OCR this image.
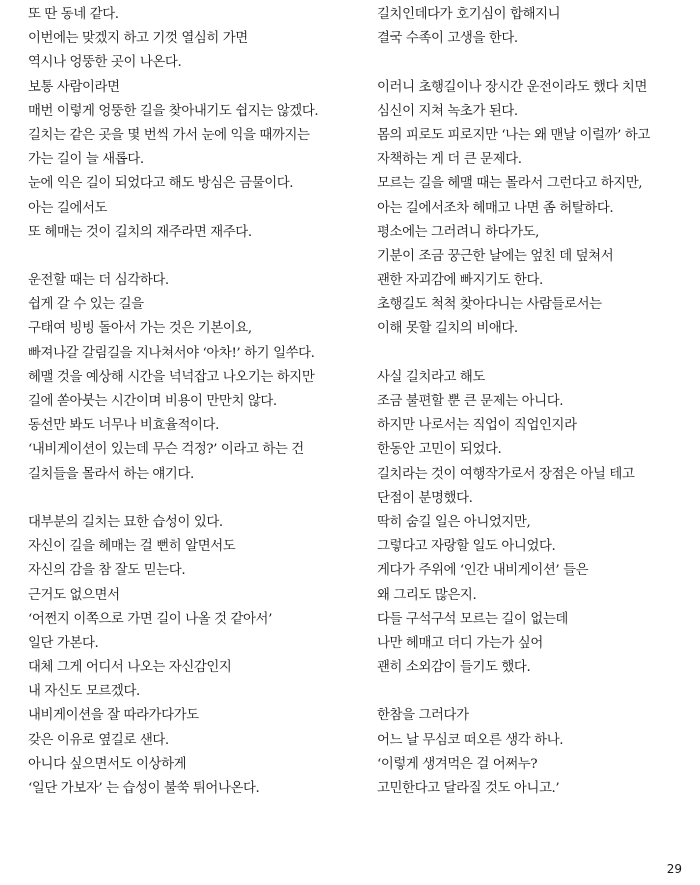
또 딴 동네 같다.
이번에는 맞겠지 하고 기껏 열심히 가면
역시나 엉뚱한 곳이 나온다.
보통 사람이라면
매번 이렇게 엉뚱한 길을 찾아내기도 쉽지는 않겠다.
길치는 같은 곳을 몇 번씩 가서 눈에 익을 때까지는
가는 길이 늘 새롭다.
눈에 익은 길이 되었다고 해도 방심은 금물이다.
아는 길에서도
또 헤매는 것이 길치의 재주라면 재주다.
운전할 때는 더 심각하다.
쉽게 갈 수 있는 길을
구태여 빙빙 돌아서 가는 것은 기본이요,
빠져나갈 갈림길을 지나쳐서야 ‘아차!’ 하기 일쑤다.
헤맬 것을 예상해 시간을 넉넉잡고 나오기는 하지만
길에 쏟아붓는 시간이며 비용이 만만치 않다.
동선만 봐도 너무나 비효율적이다.
‘내비게이션이 있는데 무슨 걱정?’ 이라고 하는 건
길치들을 몰라서 하는 얘기다.
대부분의 길치는 묘한 습성이 있다.
자신이 길을 헤매는 걸 뻔히 알면서도
자신의 감을 참 잘도 믿는다.
근거도 없으면서
‘어쩐지 이쪽으로 가면 길이 나올 것 같아서’
일단 가본다.
대체 그게 어디서 나오는 자신감인지
내 자신도 모르겠다.
내비게이션을 잘 따라가다가도
갖은 이유로 옆길로 샌다.
아니다 싶으면서도 이상하게
‘일단 가보자’ 는 습성이 불쑥 튀어나온다.
길치인데다가 호기심이 합해지니
결국 수족이 고생을 한다.
이러니 초행길이나 장시간 운전이라도 했다 치면
심신이 지쳐 녹초가 된다.
몸의 피로도 피로지만 ‘나는 왜 맨날 이럴까’ 하고
자책하는 게 더 큰 문제다.
모르는 길을 헤맬 때는 몰라서 그런다고 하지만,
아는 길에서조차 헤매고 나면 좀 허탈하다.
평소에는 그러려니 하다가도,
기분이 조금 꿍근한 날에는 엎친 데 덮쳐서
괜한 자괴감에 빠지기도 한다.
초행길도 척척 찾아다니는 사람들로서는
이해 못할 길치의 비애다.
사실 길치라고 해도
조금 불편할 뿐 큰 문제는 아니다.
하지만 나로서는 직업이 직업인지라
한동안 고민이 되었다.
길치라는 것이 여행작가로서 장점은 아닐 테고
단점이 분명했다.
딱히 숨길 일은 아니었지만,
그렇다고 자랑할 일도 아니었다.
게다가 주위에 ‘인간 내비게이션’ 들은
왜 그리도 많은지.
다들 구석구석 모르는 길이 없는데
나만 헤매고 더디 가는가 싶어
괜히 소외감이 들기도 했다.
한참을 그러다가
어느 날 무심코 떠오른 생각 하나.
‘이렇게 생겨먹은 걸 어쩌누?
고민한다고 달라질 것도 아니고.’
29
